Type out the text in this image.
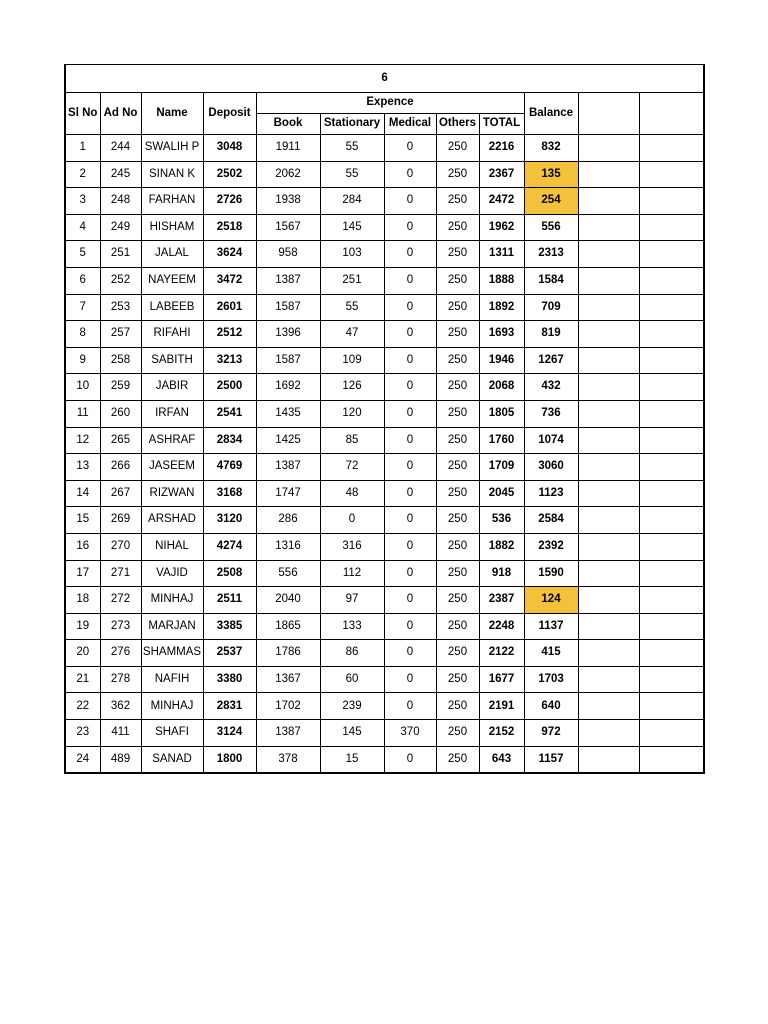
6											
Sl No	Ad No	Name	Deposit	Expence					Balance		
				Book	Stationary	Medical	Others	TOTAL			
1	244	SWALIH P	3048	1911	55	0	250	2216	832		
2	245	SINAN K	2502	2062	55	0	250	2367	135		
3	248	FARHAN	2726	1938	284	0	250	2472	254		
4	249	HISHAM	2518	1567	145	0	250	1962	556		
5	251	JALAL	3624	958	103	0	250	1311	2313		
6	252	NAYEEM	3472	1387	251	0	250	1888	1584		
7	253	LABEEB	2601	1587	55	0	250	1892	709		
8	257	RIFAHI	2512	1396	47	0	250	1693	819		
9	258	SABITH	3213	1587	109	0	250	1946	1267		
10	259	JABIR	2500	1692	126	0	250	2068	432		
11	260	IRFAN	2541	1435	120	0	250	1805	736		
12	265	ASHRAF	2834	1425	85	0	250	1760	1074		
13	266	JASEEM	4769	1387	72	0	250	1709	3060		
14	267	RIZWAN	3168	1747	48	0	250	2045	1123		
15	269	ARSHAD	3120	286	0	0	250	536	2584		
16	270	NIHAL	4274	1316	316	0	250	1882	2392		
17	271	VAJID	2508	556	112	0	250	918	1590		
18	272	MINHAJ	2511	2040	97	0	250	2387	124		
19	273	MARJAN	3385	1865	133	0	250	2248	1137		
20	276	SHAMMAS	2537	1786	86	0	250	2122	415		
21	278	NAFIH	3380	1367	60	0	250	1677	1703		
22	362	MINHAJ	2831	1702	239	0	250	2191	640		
23	411	SHAFI	3124	1387	145	370	250	2152	972		
24	489	SANAD	1800	378	15	0	250	643	1157		
